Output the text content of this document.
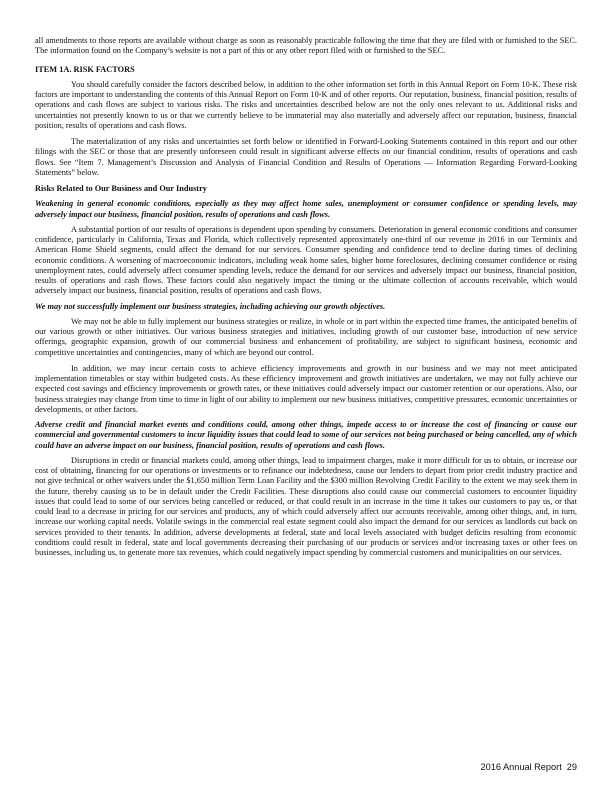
all amendments to those reports are available without charge as soon as reasonably practicable following the time that they are filed with or furnished to the SEC. The information found on the Company’s website is not a part of this or any other report filed with or furnished to the SEC.

ITEM 1A. RISK FACTORS

You should carefully consider the factors described below, in addition to the other information set forth in this Annual Report on Form 10-K. These risk factors are important to understanding the contents of this Annual Report on Form 10-K and of other reports. Our reputation, business, financial position, results of operations and cash flows are subject to various risks. The risks and uncertainties described below are not the only ones relevant to us. Additional risks and uncertainties not presently known to us or that we currently believe to be immaterial may also materially and adversely affect our reputation, business, financial position, results of operations and cash flows.

The materialization of any risks and uncertainties set forth below or identified in Forward-Looking Statements contained in this report and our other filings with the SEC or those that are presently unforeseen could result in significant adverse effects on our financial condition, results of operations and cash flows. See “Item 7. Management’s Discussion and Analysis of Financial Condition and Results of Operations — Information Regarding Forward-Looking Statements” below.

Risks Related to Our Business and Our Industry

Weakening in general economic conditions, especially as they may affect home sales, unemployment or consumer confidence or spending levels, may adversely impact our business, financial position, results of operations and cash flows.

A substantial portion of our results of operations is dependent upon spending by consumers. Deterioration in general economic conditions and consumer confidence, particularly in California, Texas and Florida, which collectively represented approximately one-third of our revenue in 2016 in our Terminix and American Home Shield segments, could affect the demand for our services. Consumer spending and confidence tend to decline during times of declining economic conditions. A worsening of macroeconomic indicators, including weak home sales, higher home foreclosures, declining consumer confidence or rising unemployment rates, could adversely affect consumer spending levels, reduce the demand for our services and adversely impact our business, financial position, results of operations and cash flows. These factors could also negatively impact the timing or the ultimate collection of accounts receivable, which would adversely impact our business, financial position, results of operations and cash flows.

We may not successfully implement our business strategies, including achieving our growth objectives.

We may not be able to fully implement our business strategies or realize, in whole or in part within the expected time frames, the anticipated benefits of our various growth or other initiatives. Our various business strategies and initiatives, including growth of our customer base, introduction of new service offerings, geographic expansion, growth of our commercial business and enhancement of profitability, are subject to significant business, economic and competitive uncertainties and contingencies, many of which are beyond our control.

In addition, we may incur certain costs to achieve efficiency improvements and growth in our business and we may not meet anticipated implementation timetables or stay within budgeted costs. As these efficiency improvement and growth initiatives are undertaken, we may not fully achieve our expected cost savings and efficiency improvements or growth rates, or these initiatives could adversely impact our customer retention or our operations. Also, our business strategies may change from time to time in light of our ability to implement our new business initiatives, competitive pressures, economic uncertainties or developments, or other factors.

Adverse credit and financial market events and conditions could, among other things, impede access to or increase the cost of financing or cause our commercial and governmental customers to incur liquidity issues that could lead to some of our services not being purchased or being cancelled, any of which could have an adverse impact on our business, financial position, results of operations and cash flows.

Disruptions in credit or financial markets could, among other things, lead to impairment charges, make it more difficult for us to obtain, or increase our cost of obtaining, financing for our operations or investments or to refinance our indebtedness, cause our lenders to depart from prior credit industry practice and not give technical or other waivers under the $1,650 million Term Loan Facility and the $300 million Revolving Credit Facility to the extent we may seek them in the future, thereby causing us to be in default under the Credit Facilities. These disruptions also could cause our commercial customers to encounter liquidity issues that could lead to some of our services being cancelled or reduced, or that could result in an increase in the time it takes our customers to pay us, or that could lead to a decrease in pricing for our services and products, any of which could adversely affect our accounts receivable, among other things, and, in turn, increase our working capital needs. Volatile swings in the commercial real estate segment could also impact the demand for our services as landlords cut back on services provided to their tenants. In addition, adverse developments at federal, state and local levels associated with budget deficits resulting from economic conditions could result in federal, state and local governments decreasing their purchasing of our products or services and/or increasing taxes or other fees on businesses, including us, to generate more tax revenues, which could negatively impact spending by commercial customers and municipalities on our services.

2016 Annual Report 29
